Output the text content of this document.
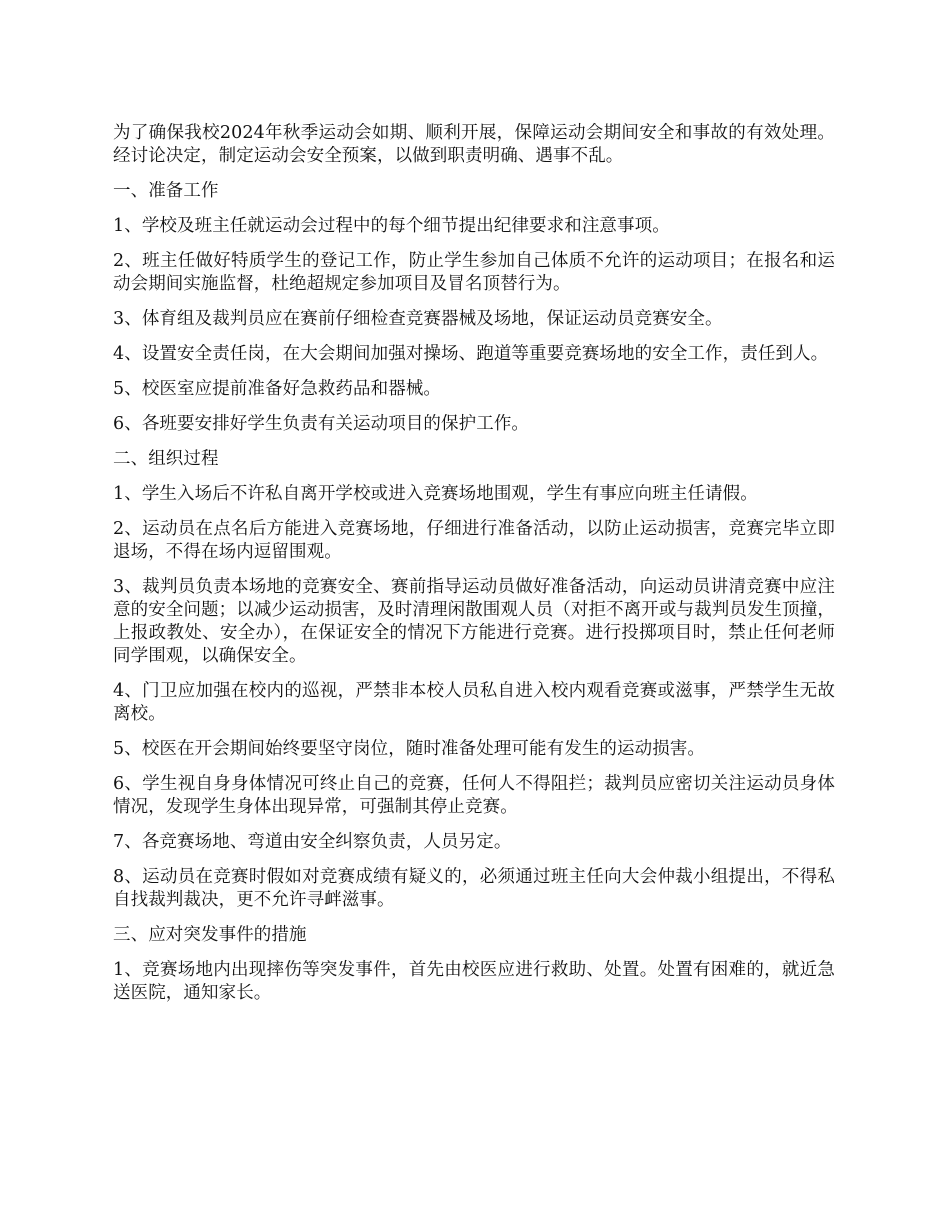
为了确保我校2024年秋季运动会如期、顺利开展，保障运动会期间安全和事故的有效处理。经讨论决定，制定运动会安全预案，以做到职责明确、遇事不乱。

一、准备工作

1、学校及班主任就运动会过程中的每个细节提出纪律要求和注意事项。

2、班主任做好特质学生的登记工作，防止学生参加自己体质不允许的运动项目；在报名和运动会期间实施监督，杜绝超规定参加项目及冒名顶替行为。

3、体育组及裁判员应在赛前仔细检查竞赛器械及场地，保证运动员竞赛安全。

4、设置安全责任岗，在大会期间加强对操场、跑道等重要竞赛场地的安全工作，责任到人。

5、校医室应提前准备好急救药品和器械。

6、各班要安排好学生负责有关运动项目的保护工作。

二、组织过程

1、学生入场后不许私自离开学校或进入竞赛场地围观，学生有事应向班主任请假。

2、运动员在点名后方能进入竞赛场地，仔细进行准备活动，以防止运动损害，竞赛完毕立即退场，不得在场内逗留围观。

3、裁判员负责本场地的竞赛安全、赛前指导运动员做好准备活动，向运动员讲清竞赛中应注意的安全问题；以减少运动损害，及时清理闲散围观人员（对拒不离开或与裁判员发生顶撞，上报政教处、安全办），在保证安全的情况下方能进行竞赛。进行投掷项目时，禁止任何老师同学围观，以确保安全。

4、门卫应加强在校内的巡视，严禁非本校人员私自进入校内观看竞赛或滋事，严禁学生无故离校。

5、校医在开会期间始终要坚守岗位，随时准备处理可能有发生的运动损害。

6、学生视自身身体情况可终止自己的竞赛，任何人不得阻拦；裁判员应密切关注运动员身体情况，发现学生身体出现异常，可强制其停止竞赛。

7、各竞赛场地、弯道由安全纠察负责，人员另定。

8、运动员在竞赛时假如对竞赛成绩有疑义的，必须通过班主任向大会仲裁小组提出，不得私自找裁判裁决，更不允许寻衅滋事。

三、应对突发事件的措施

1、竞赛场地内出现摔伤等突发事件，首先由校医应进行救助、处置。处置有困难的，就近急送医院，通知家长。
